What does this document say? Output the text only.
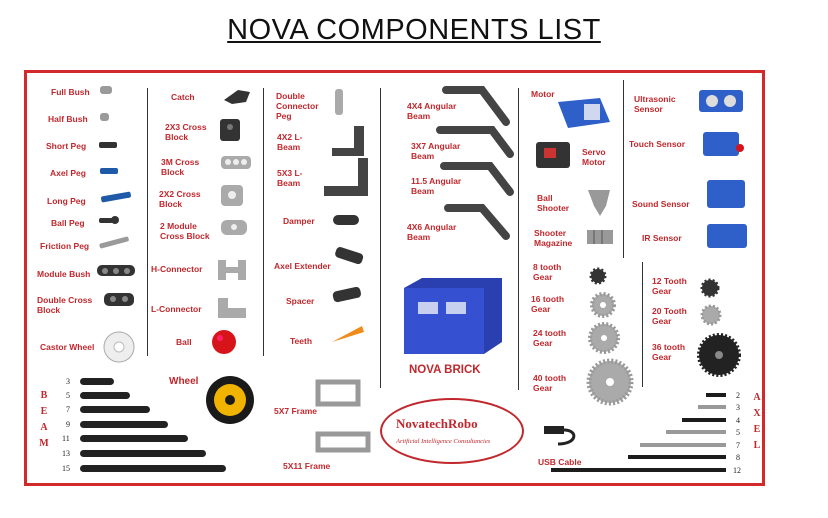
NOVA COMPONENTS LIST
Full Bush
Half Bush
Short Peg
Axel Peg
Long Peg
Ball Peg
Friction Peg
Module Bush
Double Cross Block
Castor Wheel
Catch
2X3 Cross Block
3M Cross Block
2X2 Cross Block
2 Module Cross Block
H-Connector
L-Connector
Ball
Double Connector Peg
4X2 L- Beam
5X3 L- Beam
Damper
Axel Extender
Spacer
Teeth
4X4 Angular Beam
3X7 Angular Beam
11.5 Angular Beam
4X6 Angular Beam
NOVA BRICK
Motor
Servo Motor
Ball Shooter
Shooter Magazine
8 tooth Gear
16 tooth Gear
24 tooth Gear
40 tooth Gear
Ultrasonic Sensor
Touch Sensor
Sound Sensor
IR Sensor
12 Tooth Gear
20 Tooth Gear
36 tooth Gear
B
E
A
M
3
5
7
9
11
13
15
Wheel
5X7 Frame
5X11 Frame
NovatechRobo
Artificial Intelligence Consultancies
USB Cable
2
3
4
5
7
8
12
A
X
E
L
